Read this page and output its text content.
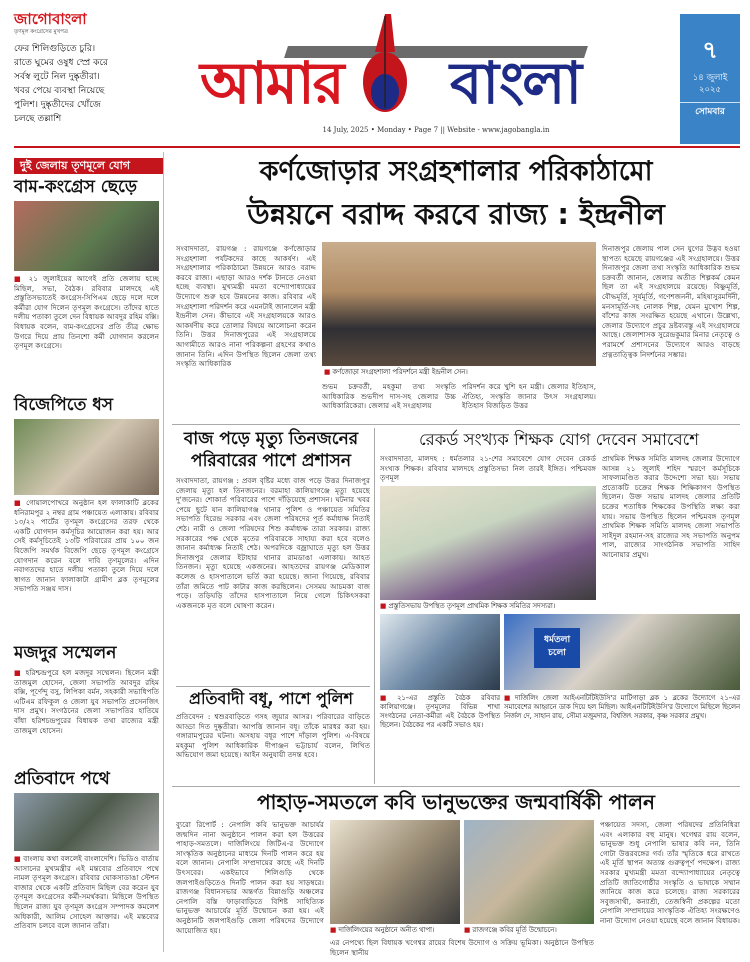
জাগোবাংলা
তৃণমূল কংগ্রেসের মুখপত্র
ফের শিলিগুড়িতে চুরি।
রাতে ঘুমের ওষুধ স্প্রে করে
সর্বস্ব লুটে নিল দুষ্কৃতীরা।
খবর পেয়ে ব্যবস্থা নিয়েছে
পুলিশ। দুষ্কৃতীদের খোঁজে
চলছে তল্লাশি
আমার বাংলা
14 July, 2025 • Monday • Page 7 || Website - www.jagobangla.in
৭
১৪ জুলাই
২০২৫
সোমবার
দুই জেলায় তৃণমূলে যোগ
বাম-কংগ্রেস ছেড়ে
■ ২১ জুলাইয়ের আগেই প্রতি জেলায় হচ্ছে মিছিল, সভা, বৈঠক। রবিবার মালদহে এই প্রস্তুতিসভাতেই কংগ্রেস-সিপিএম ছেড়ে দলে দলে কর্মীরা যোগ দিলেন তৃণমূল কংগ্রেসে। তাঁদের হাতে দলীয় পতাকা তুলে দেন বিধায়ক আবদুর রহিম বক্সি। বিধায়ক বলেন, বাম-কংগ্রেসের প্রতি তীব্র ক্ষোভ উগরে দিয়ে প্রায় তিনশো কর্মী যোগদান করলেন তৃণমূল কংগ্রেসে।
বিজেপিতে ধস
■ গোয়ালপোখরে অনুষ্ঠান হল ফালাকাটি ব্লকের ধনিরামপুর ২ নম্বর গ্রাম পঞ্চায়েত এলাকায়। রবিবার ১৩/২২ পার্টের তৃণমূল কংগ্রেসের তরফ থেকে একটি যোগদান কর্মসূচির আয়োজন করা হয়। আর সেই কর্মসূচিতেই ১৩টি পরিবারের প্রায় ১০০ জন বিজেপি সমর্থক বিজেপি ছেড়ে তৃণমূল কংগ্রেসে যোগদান করেন বলে দাবি তৃণমূলের। এদিন নবাগতদের হাতে দলীয় পতাকা তুলে দিয়ে দলে স্বাগত জানান ফালাকাটা গ্রামীণ ব্লক তৃণমূলের সভাপতি সঞ্জয় দাস।
মজদুর সম্মেলন
■ হরিশ্চন্দ্রপুরে হল মজদুর সম্মেলন। ছিলেন মন্ত্রী তাজমুল হোসেন, জেলা সভাপতি আবদুর রহিম বক্সি, পূর্ণেন্দু বসু, লিপিকা বর্মন, সহকারী সভাধিপতি এটিএম রফিকুল ও জেলা যুব সভাপতি প্রসেনজিৎ দাস প্রমুখ। সংগঠনের জেলা সভাপতির হাতিয়ে বাঁধা হরিশচন্দ্রপুরের বিধায়ক তথা রাজ্যের মন্ত্রী তাজমুল হোসেন।
প্রতিবাদে পথে
■ বাংলায় কথা বললেই বাংলাদেশি। ভিডিও বার্তায় আসানের মুখ্যমন্ত্রীর এই মন্তব্যের প্রতিবাদে পথে নামল তৃণমূল কংগ্রেস। রবিবার ঘোকসাডাঙা স্টেশন বাজার থেকে একটি প্রতিবাদ মিছিল বের করেন যুব তৃণমূল কংগ্রেসের কর্মী-সমর্থকরা। মিছিলে উপস্থিত ছিলেন রাজ্য যুব তৃণমূল কংগ্রেস সম্পাদক কমলেশ অধিকারী, আলিম সোহেল আক্তার। এই মন্তব্যের প্রতিবাদ চলবে বলে জানান তাঁরা।
কর্ণজোড়ার সংগ্রহশালার পরিকাঠামো
উন্নয়নে বরাদ্দ করবে রাজ্য : ইন্দ্রনীল
সংবাদদাতা, রায়গঞ্জ : রায়গঞ্জে কর্ণজোড়ার সংগ্রহশালা পর্যটকদের কাছে আকর্ষণ। এই সংগ্রহশালার পরিকাঠামো উন্নয়নে আরও বরাদ্দ করবে রাজ্য। এছাড়া আরও দর্শক টানতে নেওয়া হচ্ছে ব্যবস্থা। মুখ্যমন্ত্রী মমতা বন্দ্যোপাধ্যায়ের উদ্যোগে শুরু হবে উন্নয়নের কাজ। রবিবার এই সংগ্রহশালা পরিদর্শন করে এমনটাই জানালেন মন্ত্রী ইন্দ্রনীল সেন। কীভাবে এই সংগ্রহালয়কে আরও আকর্ষণীয় করে তোলার বিষয়ে আলোচনা করেন তিনি। উত্তর দিনাজপুরের এই সংগ্রহালয়ে আগামীতে আরও নানা পরিকল্পনা গ্রহণের কথাও জানান তিনি। এদিন উপস্থিত ছিলেন জেলা তথ্য সংস্কৃতি আধিকারিক
■ কর্ণজোড়া সংগ্রহশালা পরিদর্শনে মন্ত্রী ইন্দ্রনীল সেন।
শুভম চক্রবর্তী, মহকুমা তথ্য সংস্কৃতি আধিকারিক শুভদীপ দাস-সহ জেলার উচ্চ আধিকারিকেরা। জেলার এই সংগ্রহালয়
পরিদর্শন করে খুশি হন মন্ত্রী। জেলার ইতিহাস, ঐতিহ্য, সংস্কৃতি জানার উৎস সংগ্রহালয়। ইতিহাস বিজড়িত উত্তর
দিনাজপুর জেলায় পাল সেন যুগের উদ্ভব হওয়া স্থাপত্য হয়েছে রায়গঞ্জের এই সংগ্রহালয়ে। উত্তর দিনাজপুর জেলা তথ্য সংস্কৃতি আধিকারিক শুভম চক্রবর্তী জানান, জেলার অতীত শিল্পকর্ম কেমন ছিল তা এই সংগ্রহালয়ে রয়েছে। বিষ্ণুমূর্তি, বৌদ্ধমূর্তি, সূর্যমূর্তি, গণেশজননী, মহিষাসুরমর্দিনী, মনসামূর্তি-সহ নোলক শিল্প, যেমন মুখোশ শিল্প, বাঁশের কাজ সংরক্ষিত হয়েছে এখানে। উল্লেখ্য, জেলার উদ্যোগে প্রচুর দ্রষ্টব্যবস্তু এই সংগ্রহালয়ে আছে। জেলাশাসক সুরেন্দ্রকুমার মিনার নেতৃত্বে ও পরামর্শে প্রশাসনের উদ্যোগে আরও বাড়ছে প্রত্নতাত্ত্বিক নিদর্শনের সম্ভার।
বাজ পড়ে মৃত্যু তিনজনের
পরিবারের পাশে প্রশাসন
সংবাদদাতা, রায়গঞ্জ : প্রবল বৃষ্টির মধ্যে বাজ পড়ে উত্তর দিনাজপুর জেলায় মৃত্যু হল তিনজনের। বরমাহা কালিয়াগঞ্জে মৃত্যু হয়েছে দু'জনের। শোকার্ত পরিবারের পাশে দাঁড়িয়েছে প্রশাসন। ঘটনার খবর পেয়ে ছুটে যান কালিয়াগঞ্জ থানার পুলিশ ও পঞ্চায়েত সমিতির সভাপতি হিরেন্দ্র সরকার এবং জেলা পরিষদের পূর্ত কর্মাধ্যক্ষ নিতাই শেঠ। নারী ও জেলা পরিষদের শিশু কর্মাধ্যক্ষ তারা সরকার। রাজ্য সরকারের পক্ষ থেকে মৃতের পরিবারকে সাহায্য করা হবে বলেও জানান কর্মাধ্যক্ষ নিতাই শেঠ। অপরদিকে বজ্রাঘাতে মৃত্যু হল উত্তর দিনাজপুর জেলার ইটাহার থানার রামডাঙা এলাকায়। আহত তিনজন। মৃত্যু হয়েছে একজনের। আহতদের রায়গঞ্জ মেডিক্যাল কলেজ ও হাসপাতালে ভর্তি করা হয়েছে। জানা গিয়েছে, রবিবার তাঁরা জমিতে পাট কাটার কাজ করছিলেন। সেসময় আচমকা বাজ পড়ে। তড়িঘড়ি তাঁদের হাসপাতালে নিয়ে গেলে চিকিৎসকরা একজনকে মৃত বলে ঘোষণা করেন।
প্রতিবাদী বধূ, পাশে পুলিশ
প্রতিবেদন : শ্বশুরবাড়িতে গসহ জুয়ার আসর। পরিবারের বাড়িতে আড্ডা দিত দুষ্কৃতীরা। আপত্তি জানান বধূ। তাঁকে মারধর করা হয়। গঙ্গারামপুরের ঘটনা। অসহায় বধূর পাশে দাঁড়াল পুলিশ। এ-বিষয়ে মহকুমা পুলিশ আধিকারিক দীপাঞ্জন ভট্টাচার্য বলেন, লিখিত অভিযোগ জমা হয়েছে। আইন অনুযায়ী তদন্ত হবে।
রেকর্ড সংখ্যক শিক্ষক যোগ দেবেন সমাবেশে
সংবাদদাতা, মালদহ : ধর্মতলার ২১-শের সমাবেশে যোগ দেবেন রেকর্ড সংখ্যক শিক্ষক। রবিবার মালদহে প্রস্তুতিসভা নিল তারই ইঙ্গিত। পশ্চিমবঙ্গ তৃণমূল
প্রাথমিক শিক্ষক সমিতি মালদহ জেলার উদ্যোগে আসন্ন ২১ জুলাই শহিদ স্মরণে কর্মসূচিকে সাফল্যমণ্ডিত করার উদ্দেশ্যে সভা হয়। সভায় প্রত্যেকটি চক্রের শিক্ষক শিক্ষিকাগণ উপস্থিত ছিলেন। উক্ত সভায় মালদহ জেলার প্রতিটি চক্রের শতাধিক শিক্ষকের উপস্থিতি লক্ষ্য করা যায়। সভায় উপস্থিত ছিলেন পশ্চিমবঙ্গ তৃণমূল প্রাথমিক শিক্ষক সমিতি মালদহ জেলা সভাপতি সাইদুল রহমান-সহ রাজ্যের সহ সভাপতি অনুপম পাল, রাজ্যের সাংগঠনিক সভাপতি সাহিদ আনোয়ার প্রমুখ।
■ প্রস্তুতিসভায় উপস্থিত তৃণমূল প্রাথমিক শিক্ষক সমিতির সদস্যরা।
ধর্মতলা চলো
■ ২১-এর প্রস্তুতি বৈঠক রবিবার কালিয়াগঞ্জে। তৃণমূলের বিভিন্ন শাখা সংগঠনের নেতা-কর্মীরা এই বৈঠকে উপস্থিত ছিলেন। বৈঠকের পর একটি সভাও হয়।
■ দার্জিলিং জেলা আইএনটিটিইউসি'র মাটিগাড়া ব্লক ১ ব্লকের উদ্যোগে ২১-এর সমাবেশের আহ্বানে ডাক দিয়ে হল মিছিল। আইএনটিটিইউসি'র উদ্যোগে মিছিলে ছিলেন নির্জল দে, সাহান রায়, সৌমা মজুমদার, বিশ্বজিৎ সরকার, কৃষ্ণ সরকার প্রমুখ।
পাহাড়-সমতলে কবি ভানুভক্তের জন্মবার্ষিকী পালন
ব্যুরো রিপোর্ট : নেপালি কবি ভানুভক্ত আচার্যর জন্মদিন নানা অনুষ্ঠানে পালন করা হল উত্তরের পাহাড়-সমতলে। দার্জিলিংয়ে জিটিএ-র উদ্যোগে সাংস্কৃতিক অনুষ্ঠানের মাধ্যমে দিনটি পালন করে হয় বলে জানান। নেপালি সম্প্রদায়ের কাছে এই দিনটি উৎসবের। একইভাবে শিলিগুড়ি থেকে জলপাইগুড়িতেও দিনটি পালন করা হয় সাড়ম্বরে। রাজগঞ্জ বিধানসভার অন্তর্গত বিন্নাগুড়ি অঞ্চলের নেপালি বস্তি ফাড়াবাড়িতে বিশিষ্ট সাহিত্যিক ভানুভক্ত আচার্যের মূর্তি উন্মোচন করা হয়। এই অনুষ্ঠানটি জলপাইগুড়ি জেলা পরিষদের উদ্যোগে আয়োজিত হয়।	■ দার্জিলিংয়ের অনুষ্ঠানে অনীত থাপা।	■ রাজগঞ্জে কবির মূর্তি উন্মোচনে।
এর নেপথ্যে ছিল বিধায়ক খগেশ্বর রায়ের বিশেষ উদ্যোগ ও সক্রিয় ভূমিকা। অনুষ্ঠানে উপস্থিত ছিলেন স্থানীয়
পঞ্চায়েত সদস্য, জেলা পরিষদের প্রতিনিধিরা এবং এলাকার বহু মানুষ। খগেশ্বর রায় বলেন, ভানুভক্ত শুধু নেপালি ভাষার কবি নন, তিনি গোটা উত্তরবঙ্গের গর্ব। তাঁর স্মৃতিকে ধরে রাখতে এই মূর্তি স্থাপন অত্যন্ত গুরুত্বপূর্ণ পদক্ষেপ। রাজ্য সরকার মুখ্যমন্ত্রী মমতা বন্দ্যোপাধ্যায়ের নেতৃত্বে প্রতিটি জাতিগোষ্ঠীর সংস্কৃতি ও ভাষাকে সম্মান জানিয়ে কাজ করে চলেছে। রাজ্য সরকারের সবুজসাথী, কন্যাশ্রী, তেজস্বিনী প্রকল্পের মতো নেপালি সম্প্রদায়ের সাংস্কৃতিক ঐতিহ্য সংরক্ষণেও নানা উদ্যোগ নেওয়া হয়েছে বলে জানান বিধায়ক।
